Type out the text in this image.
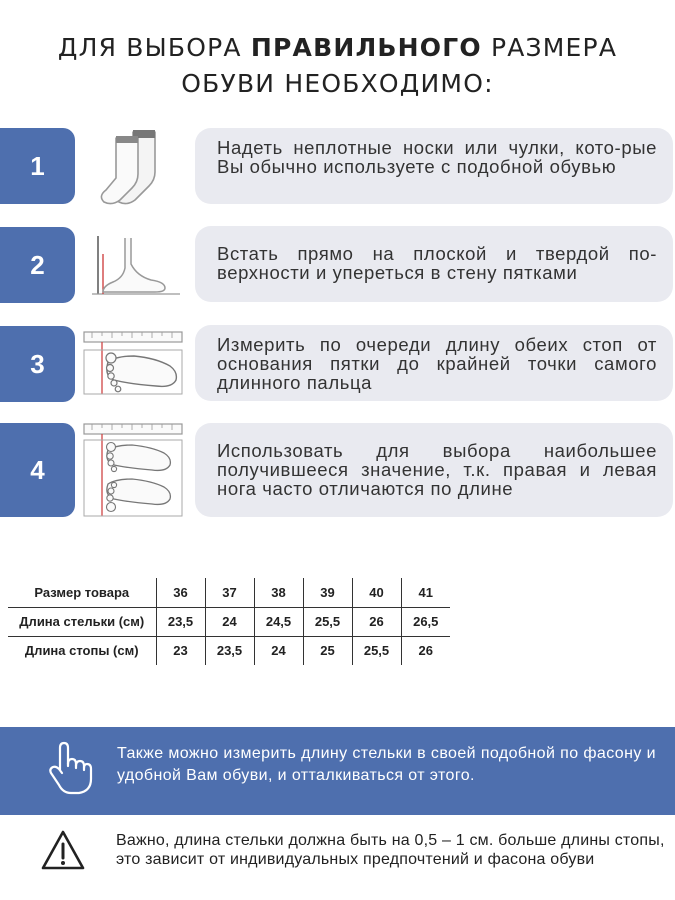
ДЛЯ ВЫБОРА ПРАВИЛЬНОГО РАЗМЕРА
ОБУВИ НЕОБХОДИМО:
1
Надеть неплотные носки или чулки, кото-рые Вы обычно используете с подобной обувью
2	Встать прямо на плоской и твердой по-верхности и упереться в стену пятками
3
Измерить по очереди длину обеих стоп от основания пятки до крайней точки самого длинного пальца
4
Использовать для выбора наибольшее получившееся значение, т.к. правая и левая нога часто отличаются по длине
Размер товара	36	37	38	39	40	41
Длина стельки (см)	23,5	24	24,5	25,5	26	26,5
Длина стопы (см)	23	23,5	24	25	25,5	26
Также можно измерить длину стельки в своей подобной по фасону и удобной Вам обуви, и отталкиваться от этого.
Важно, длина стельки должна быть на 0,5 – 1 см. больше длины стопы, это зависит от индивидуальных предпочтений и фасона обуви
